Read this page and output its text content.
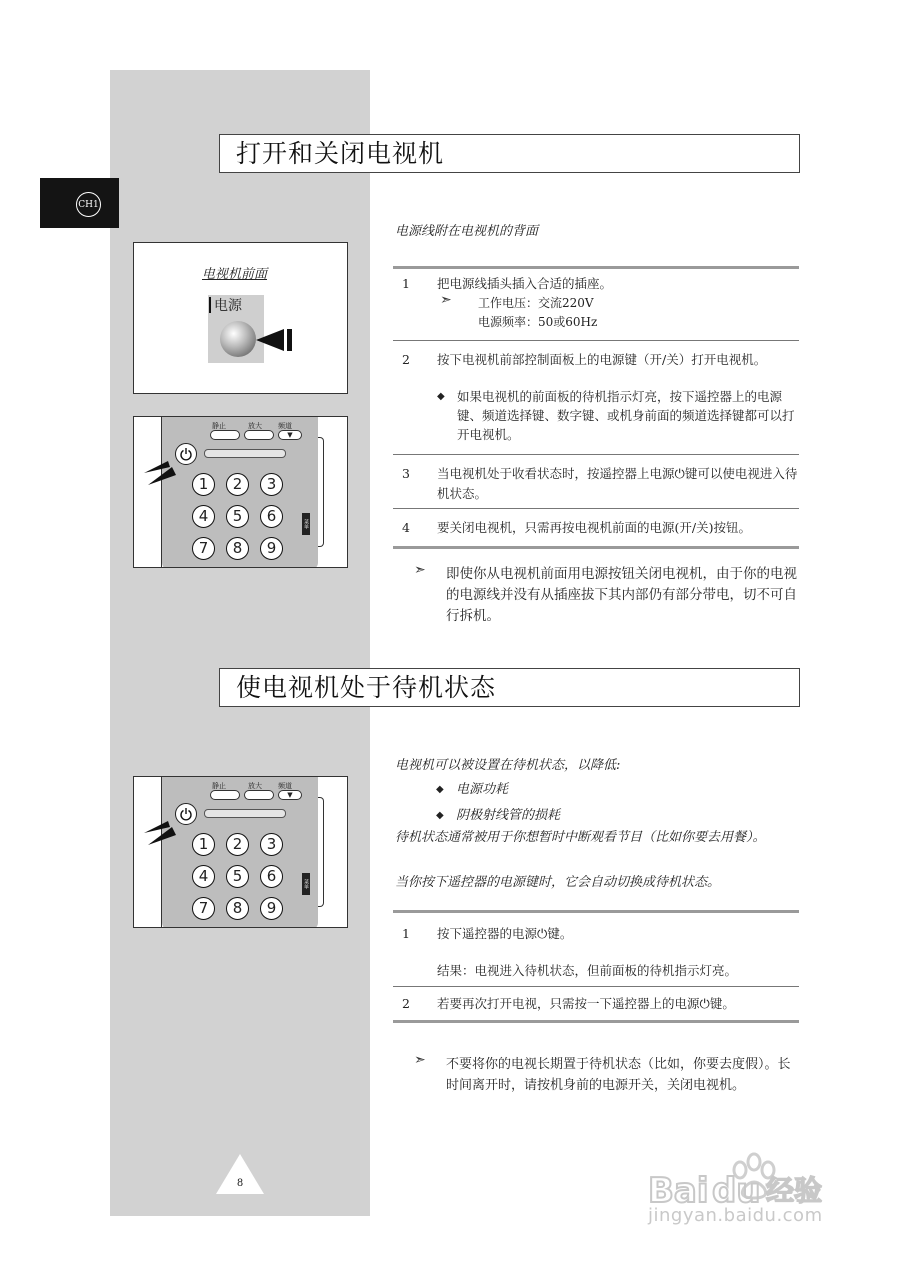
CH1
打开和关闭电视机
电源线附在电视机的背面
电视机前面
电源
静止	放大 频道
▼
1	2	3
4	5	6
7	8	9
菜单
1 把电源线插头插入合适的插座。
➣ 工作电压：交流220V
电源频率：50或60Hz
2 按下电视机前部控制面板上的电源键（开/关）打开电视机。
◆ 如果电视机的前面板的待机指示灯亮，按下遥控器上的电源键、频道选择键、数字键、或机身前面的频道选择键都可以打开电视机。
3 当电视机处于收看状态时，按遥控器上电源⏻键可以使电视进入待机状态。
4 要关闭电视机，只需再按电视机前面的电源(开/关)按钮。
➣ 即使你从电视机前面用电源按钮关闭电视机，由于你的电视的电源线并没有从插座拔下其内部仍有部分带电，切不可自行拆机。
使电视机处于待机状态
静止	放大 频道
▼
1	2	3
4	5	6
7	8	9
菜单
电视机可以被设置在待机状态，以降低:
◆ 电源功耗
◆ 阴极射线管的损耗
待机状态通常被用于你想暂时中断观看节目（比如你要去用餐）。
当你按下遥控器的电源键时，它会自动切换成待机状态。
1 按下遥控器的电源⏻键。
结果：电视进入待机状态，但前面板的待机指示灯亮。
2 若要再次打开电视，只需按一下遥控器上的电源⏻键。
➣ 不要将你的电视长期置于待机状态（比如，你要去度假）。长时间离开时，请按机身前的电源开关，关闭电视机。
8	Bai du 经验
jingyan.baidu.com
